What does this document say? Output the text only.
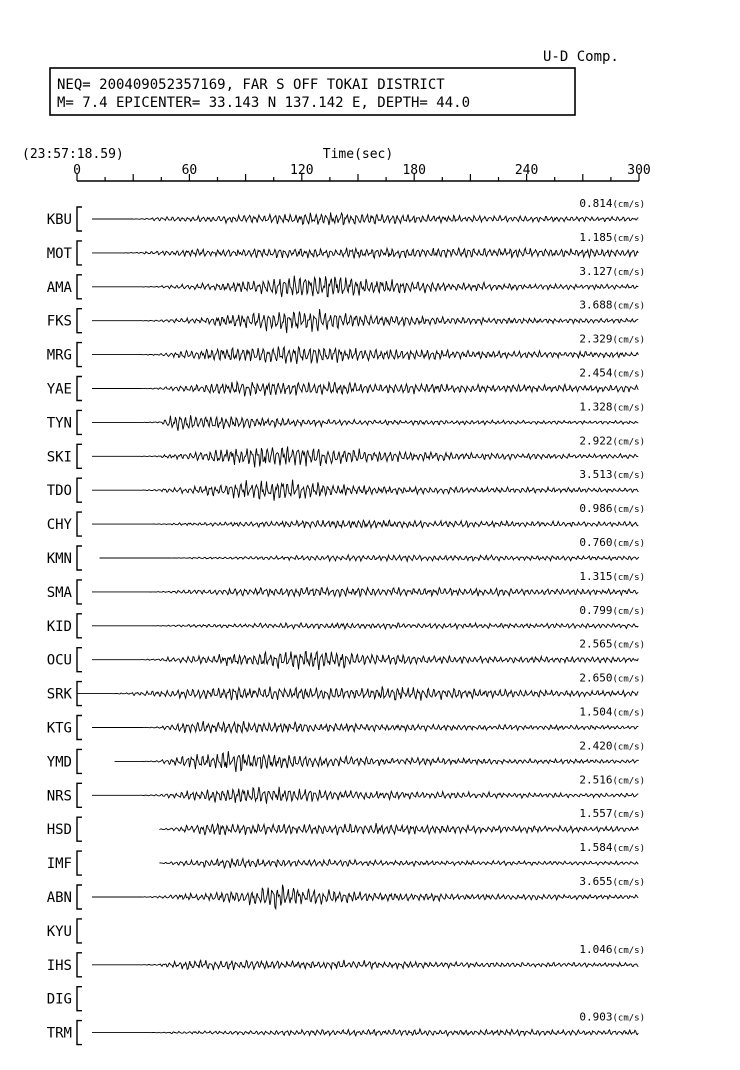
U-D Comp.
NEQ= 200409052357169, FAR S OFF TOKAI DISTRICT
M= 7.4 EPICENTER= 33.143 N 137.142 E, DEPTH= 44.0
(23:57:18.59)	Time(sec)
0	60	120	180	240	300
KBU
0.814(cm/s)
MOT
1.185(cm/s)
AMA
3.127(cm/s)
FKS
3.688(cm/s)
MRG
2.329(cm/s)
YAE
2.454(cm/s)
TYN
1.328(cm/s)
SKI
2.922(cm/s)
TDO
3.513(cm/s)
CHY
0.986(cm/s)
KMN
0.760(cm/s)
SMA
1.315(cm/s)
KID
0.799(cm/s)
OCU
2.565(cm/s)
SRK
2.650(cm/s)
KTG
1.504(cm/s)
YMD
2.420(cm/s)
NRS
2.516(cm/s)
HSD
1.557(cm/s)
IMF
1.584(cm/s)
ABN
3.655(cm/s)
KYU
IHS
1.046(cm/s)
DIG
TRM
0.903(cm/s)
